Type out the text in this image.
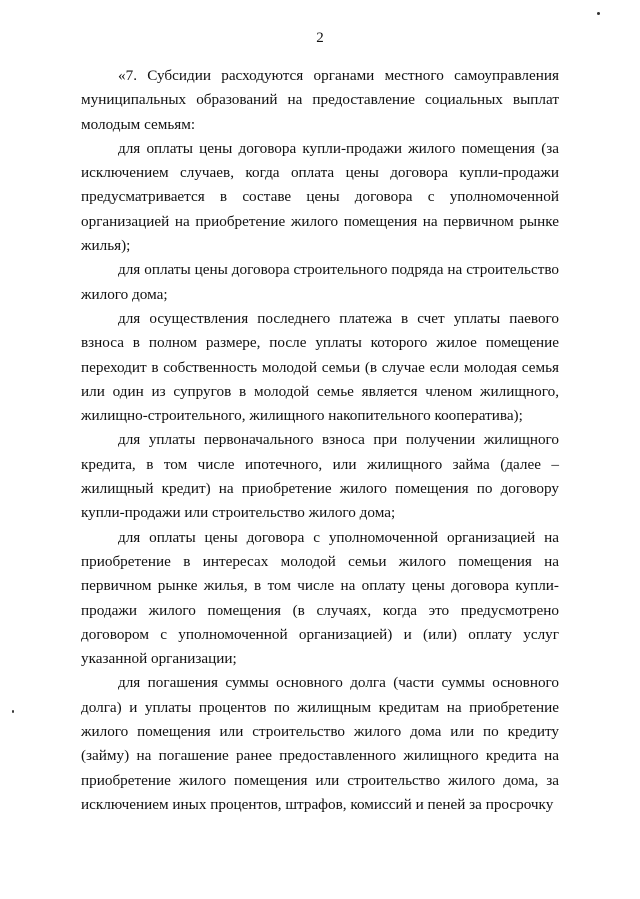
2

«7. Субсидии расходуются органами местного самоуправления муниципальных образований на предоставление социальных выплат молодым семьям:

для оплаты цены договора купли-продажи жилого помещения (за исключением случаев, когда оплата цены договора купли-продажи предусматривается в составе цены договора с уполномоченной организацией на приобретение жилого помещения на первичном рынке жилья);

для оплаты цены договора строительного подряда на строительство жилого дома;

для осуществления последнего платежа в счет уплаты паевого взноса в полном размере, после уплаты которого жилое помещение переходит в собственность молодой семьи (в случае если молодая семья или один из супругов в молодой семье является членом жилищного, жилищно-строительного, жилищного накопительного кооператива);

для уплаты первоначального взноса при получении жилищного кредита, в том числе ипотечного, или жилищного займа (далее – жилищный кредит) на приобретение жилого помещения по договору купли-продажи или строительство жилого дома;

для оплаты цены договора с уполномоченной организацией на приобретение в интересах молодой семьи жилого помещения на первичном рынке жилья, в том числе на оплату цены договора купли-продажи жилого помещения (в случаях, когда это предусмотрено договором с уполномоченной организацией) и (или) оплату услуг указанной организации;

для погашения суммы основного долга (части суммы основного долга) и уплаты процентов по жилищным кредитам на приобретение жилого помещения или строительство жилого дома или по кредиту (займу) на погашение ранее предоставленного жилищного кредита на приобретение жилого помещения или строительство жилого дома, за исключением иных процентов, штрафов, комиссий и пеней за просрочку
